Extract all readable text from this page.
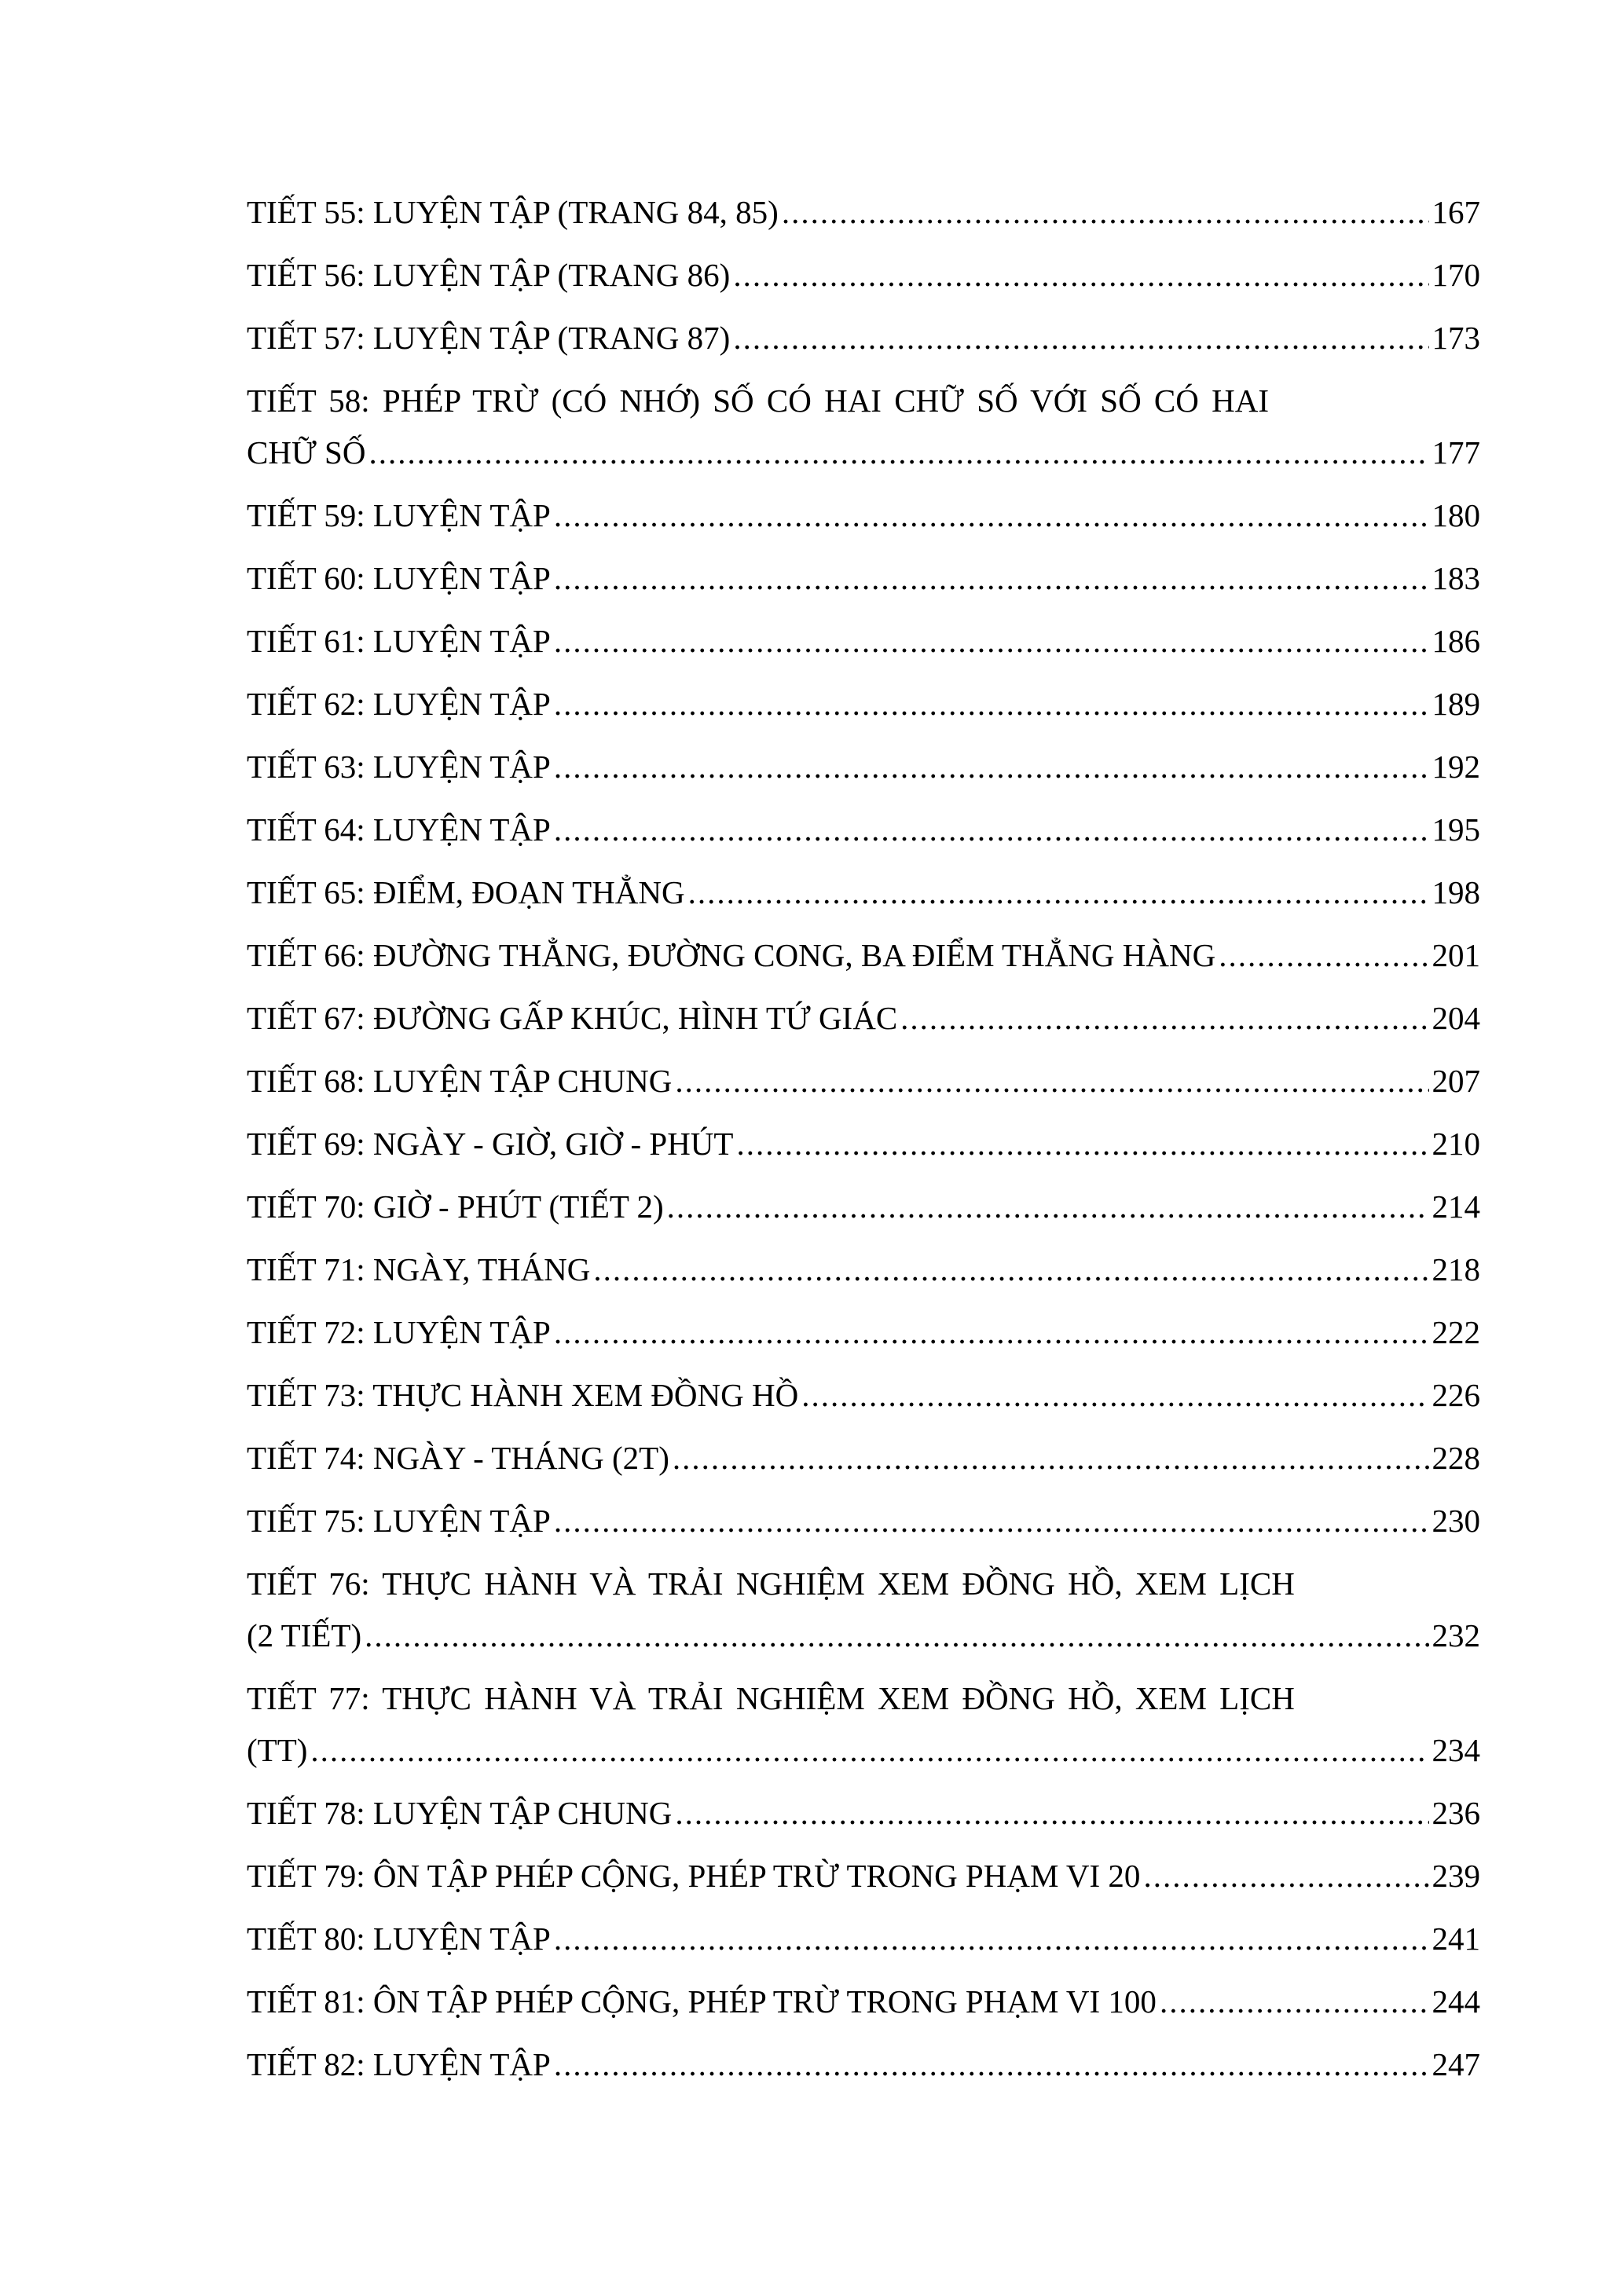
TIẾT 55: LUYỆN TẬP (TRANG 84, 85) .....	167
TIẾT 56: LUYỆN TẬP (TRANG 86) .....	170
TIẾT 57: LUYỆN TẬP (TRANG 87) .....	173
TIẾT 58: PHÉP TRỪ (CÓ NHỚ) SỐ CÓ HAI CHỮ SỐ VỚI SỐ CÓ HAI
CHỮ SỐ .....	177
TIẾT 59: LUYỆN TẬP .....	180
TIẾT 60: LUYỆN TẬP .....	183
TIẾT 61: LUYỆN TẬP .....	186
TIẾT 62: LUYỆN TẬP .....	189
TIẾT 63: LUYỆN TẬP .....	192
TIẾT 64: LUYỆN TẬP .....	195
TIẾT 65: ĐIỂM, ĐOẠN THẲNG .....	198
TIẾT 66: ĐƯỜNG THẲNG, ĐƯỜNG CONG, BA ĐIỂM THẲNG HÀNG .....	201
TIẾT 67: ĐƯỜNG GẤP KHÚC, HÌNH TỨ GIÁC .....	204
TIẾT 68: LUYỆN TẬP CHUNG .....	207
TIẾT 69: NGÀY - GIỜ, GIỜ - PHÚT .....	210
TIẾT 70: GIỜ - PHÚT (TIẾT 2) .....	214
TIẾT 71: NGÀY, THÁNG .....	218
TIẾT 72: LUYỆN TẬP .....	222
TIẾT 73: THỰC HÀNH XEM ĐỒNG HỒ .....	226
TIẾT 74: NGÀY - THÁNG (2T) .....	228
TIẾT 75: LUYỆN TẬP .....	230
TIẾT 76: THỰC HÀNH VÀ TRẢI NGHIỆM XEM ĐỒNG HỒ, XEM LỊCH
(2 TIẾT) .....	232
TIẾT 77: THỰC HÀNH VÀ TRẢI NGHIỆM XEM ĐỒNG HỒ, XEM LỊCH
(TT) .....	234
TIẾT 78: LUYỆN TẬP CHUNG .....	236
TIẾT 79: ÔN TẬP PHÉP CỘNG, PHÉP TRỪ TRONG PHẠM VI 20 .....	239
TIẾT 80: LUYỆN TẬP .....	241
TIẾT 81: ÔN TẬP PHÉP CỘNG, PHÉP TRỪ TRONG PHẠM VI 100 .....	244
TIẾT 82: LUYỆN TẬP .....	247
